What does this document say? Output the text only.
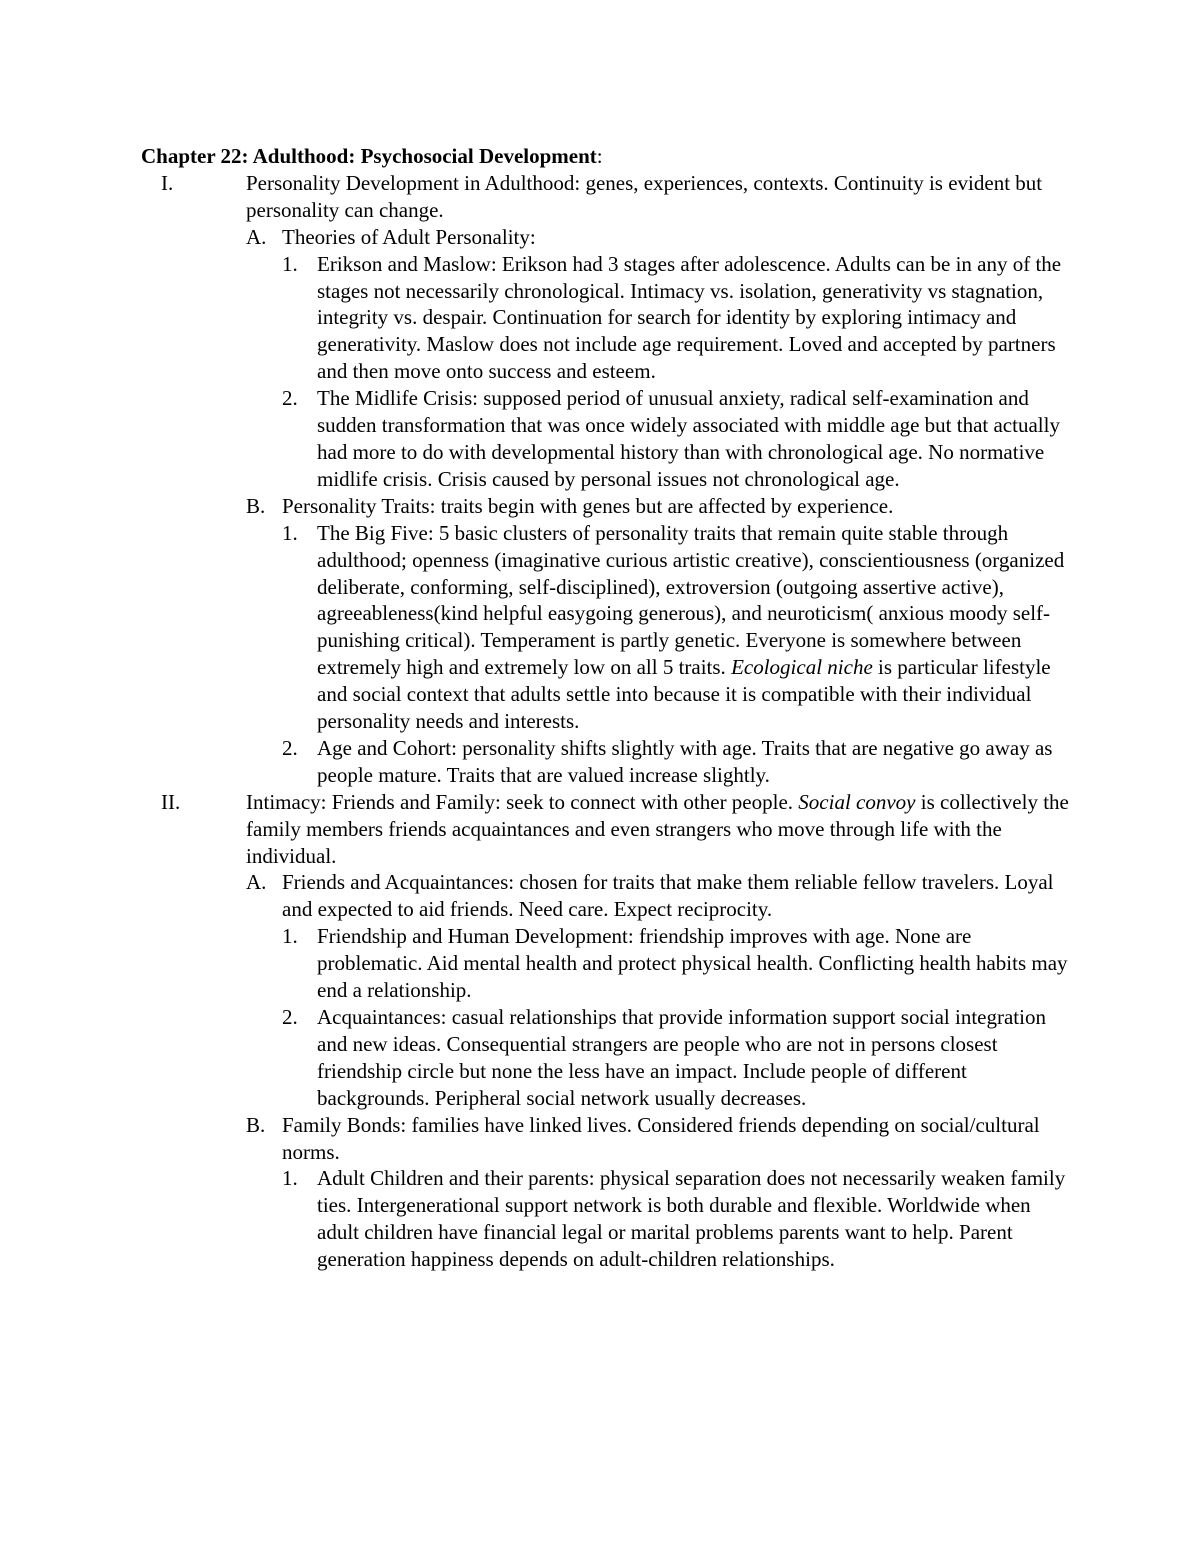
Chapter 22: Adulthood: Psychosocial Development:

I.	Personality Development in Adulthood: genes, experiences, contexts. Continuity is evident but personality can change.
A. Theories of Adult Personality:
1. Erikson and Maslow: Erikson had 3 stages after adolescence. Adults can be in any of the stages not necessarily chronological. Intimacy vs. isolation, generativity vs stagnation, integrity vs. despair. Continuation for search for identity by exploring intimacy and generativity. Maslow does not include age requirement. Loved and accepted by partners and then move onto success and esteem.
2. The Midlife Crisis: supposed period of unusual anxiety, radical self-examination and sudden transformation that was once widely associated with middle age but that actually had more to do with developmental history than with chronological age. No normative midlife crisis. Crisis caused by personal issues not chronological age.
B. Personality Traits: traits begin with genes but are affected by experience.
1. The Big Five: 5 basic clusters of personality traits that remain quite stable through adulthood; openness (imaginative curious artistic creative), conscientiousness (organized deliberate, conforming, self-disciplined), extroversion (outgoing assertive active), agreeableness(kind helpful easygoing generous), and neuroticism( anxious moody self-punishing critical). Temperament is partly genetic. Everyone is somewhere between extremely high and extremely low on all 5 traits. Ecological niche is particular lifestyle and social context that adults settle into because it is compatible with their individual personality needs and interests.
2. Age and Cohort: personality shifts slightly with age. Traits that are negative go away as people mature. Traits that are valued increase slightly.
II.	Intimacy: Friends and Family: seek to connect with other people. Social convoy is collectively the family members friends acquaintances and even strangers who move through life with the individual.
A. Friends and Acquaintances: chosen for traits that make them reliable fellow travelers. Loyal and expected to aid friends. Need care. Expect reciprocity.
1. Friendship and Human Development: friendship improves with age. None are problematic. Aid mental health and protect physical health. Conflicting health habits may end a relationship.
2. Acquaintances: casual relationships that provide information support social integration and new ideas. Consequential strangers are people who are not in persons closest friendship circle but none the less have an impact. Include people of different backgrounds. Peripheral social network usually decreases.
B. Family Bonds: families have linked lives. Considered friends depending on social/cultural norms.
1. Adult Children and their parents: physical separation does not necessarily weaken family ties. Intergenerational support network is both durable and flexible. Worldwide when adult children have financial legal or marital problems parents want to help. Parent generation happiness depends on adult-children relationships.
